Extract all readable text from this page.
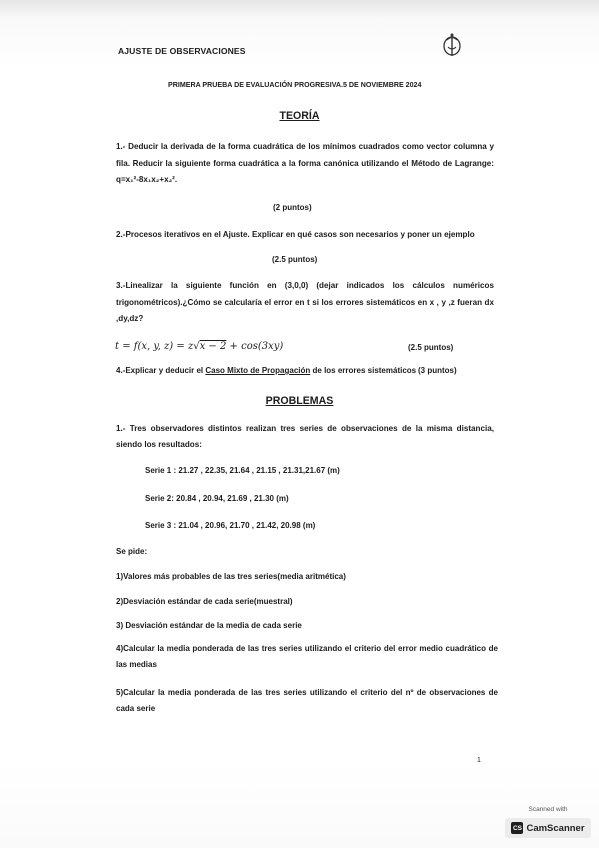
AJUSTE DE OBSERVACIONES
PRIMERA PRUEBA DE EVALUACIÓN PROGRESIVA.5 DE NOVIEMBRE 2024
TEORÍA
1.- Deducir la derivada de la forma cuadrática de los mínimos cuadrados como vector columna y fila. Reducir la siguiente forma cuadrática a la forma canónica utilizando el Método de Lagrange: q=x₁²-8x₁x₂+x₂².
(2 puntos)
2.-Procesos iterativos en el Ajuste. Explicar en qué casos son necesarios y poner un ejemplo
(2.5 puntos)
3.-Linealizar la siguiente función en (3,0,0) (dejar indicados los cálculos numéricos trigonométricos).¿Cómo se calcularía el error en t si los errores sistemáticos en x , y ,z fueran dx ,dy,dz?
t = f(x, y, z) = z√x − 2 + cos(3xy)	(2.5 puntos)
4.-Explicar y deducir el Caso Mixto de Propagación de los errores sistemáticos (3 puntos)
PROBLEMAS
1.- Tres observadores distintos realizan tres series de observaciones de la misma distancia, siendo los resultados:
Serie 1 : 21.27 , 22.35, 21.64 , 21.15 , 21.31,21.67 (m)
Serie 2: 20.84 , 20.94, 21.69 , 21.30 (m)
Serie 3 : 21.04 , 20.96, 21.70 , 21.42, 20.98 (m)
Se pide:
1)Valores más probables de las tres series(media aritmética)
2)Desviación estándar de cada serie(muestral)
3) Desviación estándar de la media de cada serie
4)Calcular la media ponderada de las tres series utilizando el criterio del error medio cuadrático de las medias
5)Calcular la media ponderada de las tres series utilizando el criterio del nº de observaciones de cada serie
1
Scanned with
CS CamScanner
